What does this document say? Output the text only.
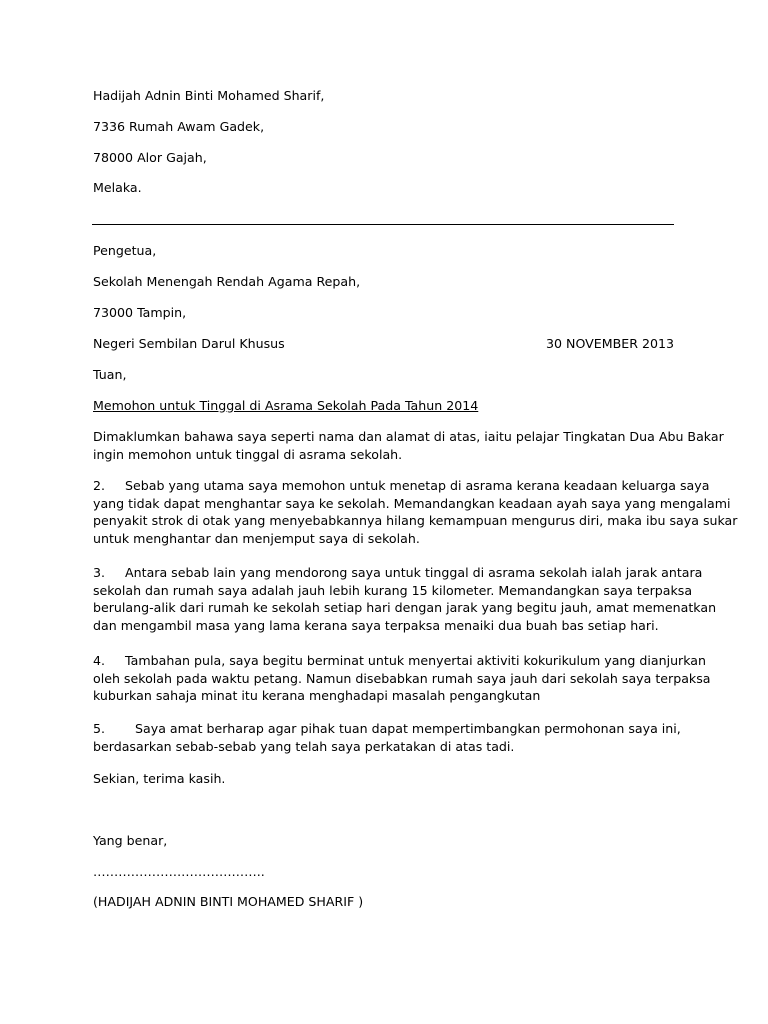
Hadijah Adnin Binti Mohamed Sharif,
7336 Rumah Awam Gadek,
78000 Alor Gajah,
Melaka.
Pengetua,
Sekolah Menengah Rendah Agama Repah,
73000 Tampin,
Negeri Sembilan Darul Khusus	30 NOVEMBER 2013
Tuan,
Memohon untuk Tinggal di Asrama Sekolah Pada Tahun 2014
Dimaklumkan bahawa saya seperti nama dan alamat di atas, iaitu pelajar Tingkatan Dua Abu Bakar
ingin memohon untuk tinggal di asrama sekolah.
2. Sebab yang utama saya memohon untuk menetap di asrama kerana keadaan keluarga saya
yang tidak dapat menghantar saya ke sekolah. Memandangkan keadaan ayah saya yang mengalami
penyakit strok di otak yang menyebabkannya hilang kemampuan mengurus diri, maka ibu saya sukar
untuk menghantar dan menjemput saya di sekolah.
3. Antara sebab lain yang mendorong saya untuk tinggal di asrama sekolah ialah jarak antara
sekolah dan rumah saya adalah jauh lebih kurang 15 kilometer. Memandangkan saya terpaksa
berulang-alik dari rumah ke sekolah setiap hari dengan jarak yang begitu jauh, amat memenatkan
dan mengambil masa yang lama kerana saya terpaksa menaiki dua buah bas setiap hari.
4. Tambahan pula, saya begitu berminat untuk menyertai aktiviti kokurikulum yang dianjurkan
oleh sekolah pada waktu petang. Namun disebabkan rumah saya jauh dari sekolah saya terpaksa
kuburkan sahaja minat itu kerana menghadapi masalah pengangkutan
5. Saya amat berharap agar pihak tuan dapat mempertimbangkan permohonan saya ini,
berdasarkan sebab-sebab yang telah saya perkatakan di atas tadi.
Sekian, terima kasih.
Yang benar,
…………………………………..
(HADIJAH ADNIN BINTI MOHAMED SHARIF )
